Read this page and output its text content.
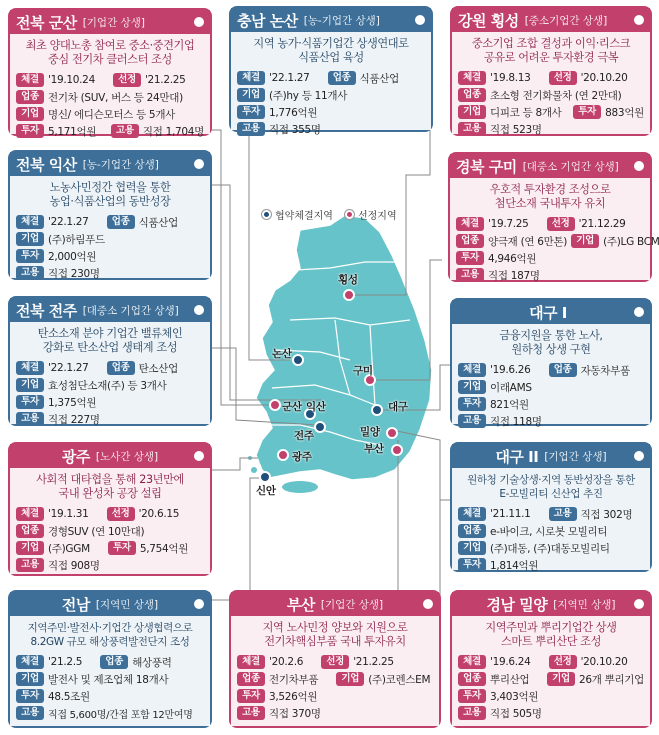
협약체결지역	선정지역
횡성
논산
구미
군산 익산	대구
전주	밀양
부산
광주
신안
전북 군산 [기업간 상생]
최초 양대노총 참여로 중소·중견기업
중심 전기차 클러스터 조성
체결 '19.10.24	선정 '21.2.25
업종 전기차 (SUV, 버스 등 24만대)
기업 명신/ 에디슨모터스 등 5개사
투자 5,171억원	고용 직접 1,704명
충남 논산 [농-기업간 상생]
지역 농가·식품기업간 상생연대로
식품산업 육성
체결 '22.1.27	업종 식품산업
기업 (주)hy 등 11개사
투자 1,776억원
고용 직접 355명
강원 횡성 [중소기업간 상생]
중소기업 조합 결성과 이익·리스크
공유로 어려운 투자환경 극복
체결 '19.8.13	선정 '20.10.20
업종 초소형 전기화물차 (연 2만대)
기업 디피코 등 8개사	투자 883억원
고용 직접 523명
전북 익산 [농-기업간 상생]
노농사민정간 협력을 통한
농업·식품산업의 동반성장
체결 '22.1.27	업종 식품산업
기업 (주)하림푸드
투자 2,000억원
고용 직접 230명
경북 구미 [대중소 기업간 상생]
우호적 투자환경 조성으로
첨단소재 국내투자 유치
체결 '19.7.25	선정 '21.12.29
업종 양극재 (연 6만톤) 기업 (주)LG BCM
투자 4,946억원
고용 직접 187명
전북 전주 [대중소 기업간 상생]
탄소소재 분야 기업간 밸류체인
강화로 탄소산업 생태계 조성
체결 '22.1.27	업종 탄소산업
기업 효성첨단소재(주) 등 3개사
투자 1,375억원
고용 직접 227명
대구 I
금융지원을 통한 노사,
원하청 상생 구현
체결 '19.6.26	업종 자동차부품
기업 이래AMS
투자 821억원
고용 직접 118명
광주 [노사간 상생]
사회적 대타협을 통해 23년만에
국내 완성차 공장 설립
체결 '19.1.31	선정 '20.6.15
업종 경형SUV (연 10만대)
기업 (주)GGM	투자 5,754억원
고용 직접 908명
대구 II [기업간 상생]
원하청 기술상생·지역 동반성장을 통한
E-모빌리티 신산업 추진
체결 '21.11.1	고용 직접 302명
업종 e-바이크, 시로봇 모빌리티
기업 (주)대동, (주)대동모빌리티
투자 1,814억원
전남 [지역민 상생]
지역주민·발전사·기업간 상생협력으로
8.2GW 규모 해상풍력발전단지 조성
체결 '21.2.5	업종 해상풍력
기업 발전사 및 제조업체 18개사
투자 48.5조원
고용 직접 5,600명/간접 포함 12만여명
부산 [기업간 상생]
지역 노사민정 양보와 지원으로
전기차핵심부품 국내 투자유치
체결 '20.2.6	선정 '21.2.25
업종 전기차부품	기업 (주)코렌스EM
투자 3,526억원
고용 직접 370명
경남 밀양 [지역민 상생]
지역주민과 뿌리기업간 상생
스마트 뿌리산단 조성
체결 '19.6.24	선정 '20.10.20
업종 뿌리산업	기업 26개 뿌리기업
투자 3,403억원
고용 직접 505명
